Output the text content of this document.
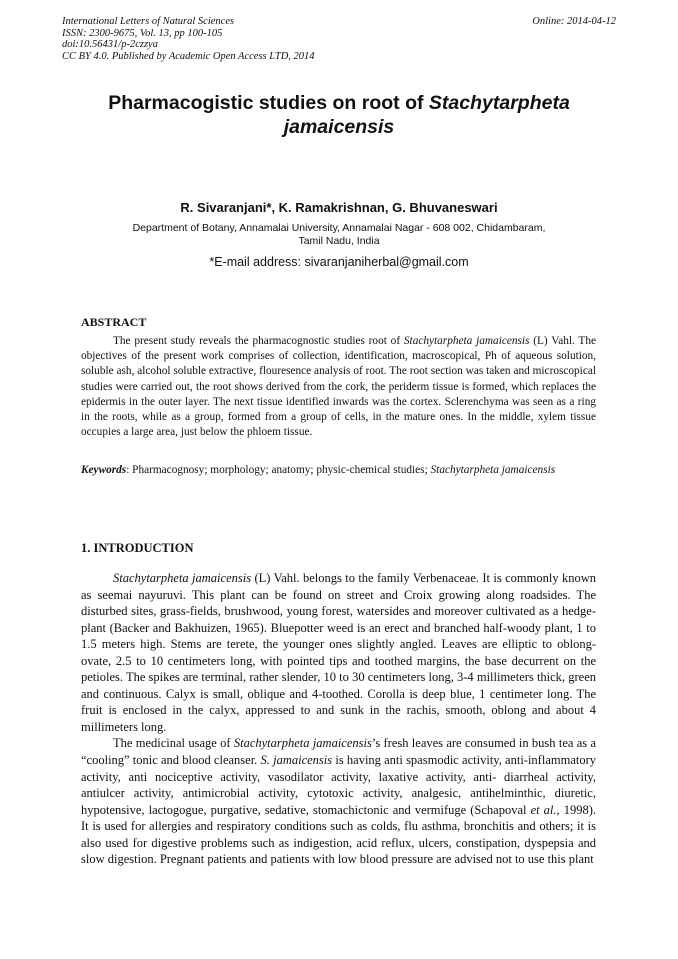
International Letters of Natural Sciences
ISSN: 2300-9675, Vol. 13, pp 100-105
doi:10.56431/p-2czzya
CC BY 4.0. Published by Academic Open Access LTD, 2014
Online: 2014-04-12
Pharmacogistic studies on root of Stachytarpheta jamaicensis
R. Sivaranjani*, K. Ramakrishnan, G. Bhuvaneswari
Department of Botany, Annamalai University, Annamalai Nagar - 608 002, Chidambaram,
Tamil Nadu, India
*E-mail address: sivaranjaniherbal@gmail.com
ABSTRACT

The present study reveals the pharmacognostic studies root of Stachytarpheta jamaicensis (L) Vahl. The objectives of the present work comprises of collection, identification, macroscopical, Ph of aqueous solution, soluble ash, alcohol soluble extractive, flouresence analysis of root. The root section was taken and microscopical studies were carried out, the root shows derived from the cork, the periderm tissue is formed, which replaces the epidermis in the outer layer. The next tissue identified inwards was the cortex. Sclerenchyma was seen as a ring in the roots, while as a group, formed from a group of cells, in the mature ones. In the middle, xylem tissue occupies a large area, just below the phloem tissue.

Keywords: Pharmacognosy; morphology; anatomy; physic-chemical studies; Stachytarpheta jamaicensis

1. INTRODUCTION

Stachytarpheta jamaicensis (L) Vahl. belongs to the family Verbenaceae. It is commonly known as seemai nayuruvi. This plant can be found on street and Croix growing along roadsides. The disturbed sites, grass-fields, brushwood, young forest, watersides and moreover cultivated as a hedge-plant (Backer and Bakhuizen, 1965). Bluepotter weed is an erect and branched half-woody plant, 1 to 1.5 meters high. Stems are terete, the younger ones slightly angled. Leaves are elliptic to oblong-ovate, 2.5 to 10 centimeters long, with pointed tips and toothed margins, the base decurrent on the petioles. The spikes are terminal, rather slender, 10 to 30 centimeters long, 3-4 millimeters thick, green and continuous. Calyx is small, oblique and 4-toothed. Corolla is deep blue, 1 centimeter long. The fruit is enclosed in the calyx, appressed to and sunk in the rachis, smooth, oblong and about 4 millimeters long.

The medicinal usage of Stachytarpheta jamaicensis’s fresh leaves are consumed in bush tea as a “cooling” tonic and blood cleanser. S. jamaicensis is having anti spasmodic activity, anti-inflammatory activity, anti nociceptive activity, vasodilator activity, laxative activity, anti- diarrheal activity, antiulcer activity, antimicrobial activity, cytotoxic activity, analgesic, antihelminthic, diuretic, hypotensive, lactogogue, purgative, sedative, stomachictonic and vermifuge (Schapoval et al., 1998). It is used for allergies and respiratory conditions such as colds, flu asthma, bronchitis and others; it is also used for digestive problems such as indigestion, acid reflux, ulcers, constipation, dyspepsia and slow digestion. Pregnant patients and patients with low blood pressure are advised not to use this plant
